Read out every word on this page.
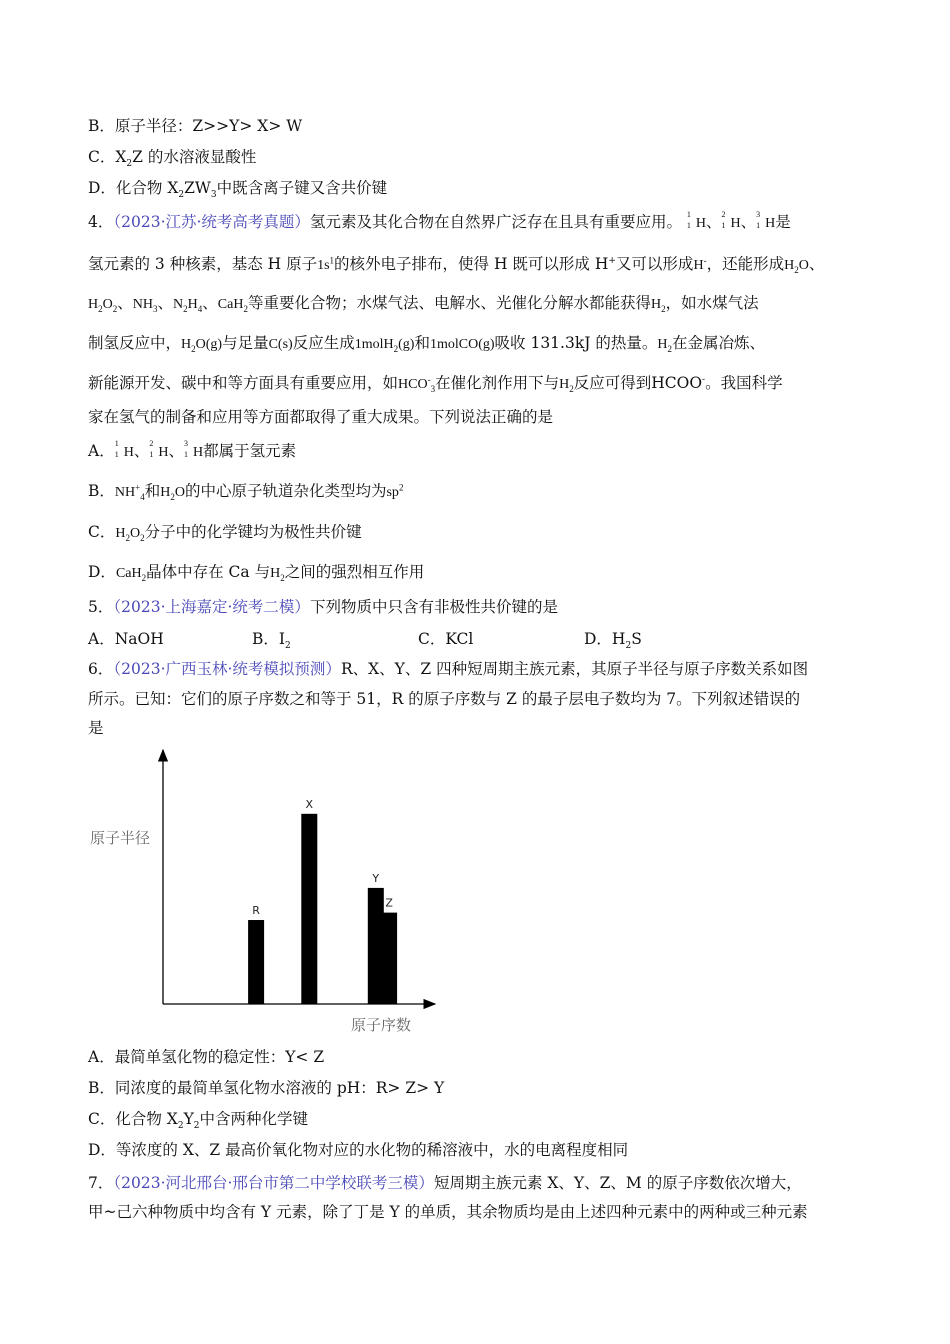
B．原子半径：Z>>Y> X> W
C．$X_2Z$ 的水溶液显酸性
D．化合物 $X_2ZW_3$中既含离子键又含共价键
4．（2023·江苏·统考高考真题）氢元素及其化合物在自然界广泛存在且具有重要应用。 1
1 H、 2
1 H、 3
1 H是
氢元素的 3 种核素，基态 H 原子$1s^1$的核外电子排布，使得 H 既可以形成 H+又可以形成H-，还能形成$H_2O$、
$H_2O_2$、$NH_3$、$N_2H_4$、CaH$_2$等重要化合物；水煤气法、电解水、光催化分解水都能获得$H_2$，如水煤气法
制氢反应中，$H_2O(g)$与足量C(s)反应生成1molH$_2$(g)和1molCO(g)吸收 131.3kJ 的热量。$H_2$在金属冶炼、
新能源开发、碳中和等方面具有重要应用，如$HCO^-_3$在催化剂作用下与$H_2$反应可得到HCOO-。我国科学
家在氢气的制备和应用等方面都取得了重大成果。下列说法正确的是
A． 1
1 H、 2
1 H、 3
1 H都属于氢元素
B．$NH^+_4$和$H_2O$的中心原子轨道杂化类型均为$sp^2$
C．$H_2O_2$分子中的化学键均为极性共价键
D．CaH$_2$晶体中存在 Ca 与$H_2$之间的强烈相互作用
5．（2023·上海嘉定·统考二模）下列物质中只含有非极性共价键的是
A．NaOH	B．$I_2$	C．KCl	D．$H_2S$
6．（2023·广西玉林·统考模拟预测）R、X、Y、Z 四种短周期主族元素，其原子半径与原子序数关系如图
所示。已知：它们的原子序数之和等于 51，R 的原子序数与 Z 的最子层电子数均为 7。下列叙述错误的
是
原子半径
原子序数
R
X
Y
Z
A．最简单氢化物的稳定性：Y< Z
B．同浓度的最简单氢化物水溶液的 pH：R> Z> Y
C．化合物 $X_2Y_2$中含两种化学键
D．等浓度的 X、Z 最高价氧化物对应的水化物的稀溶液中，水的电离程度相同
7．（2023·河北邢台·邢台市第二中学校联考三模）短周期主族元素 X、Y、Z、M 的原子序数依次增大，
甲~己六种物质中均含有 Y 元素，除了丁是 Y 的单质，其余物质均是由上述四种元素中的两种或三种元素
